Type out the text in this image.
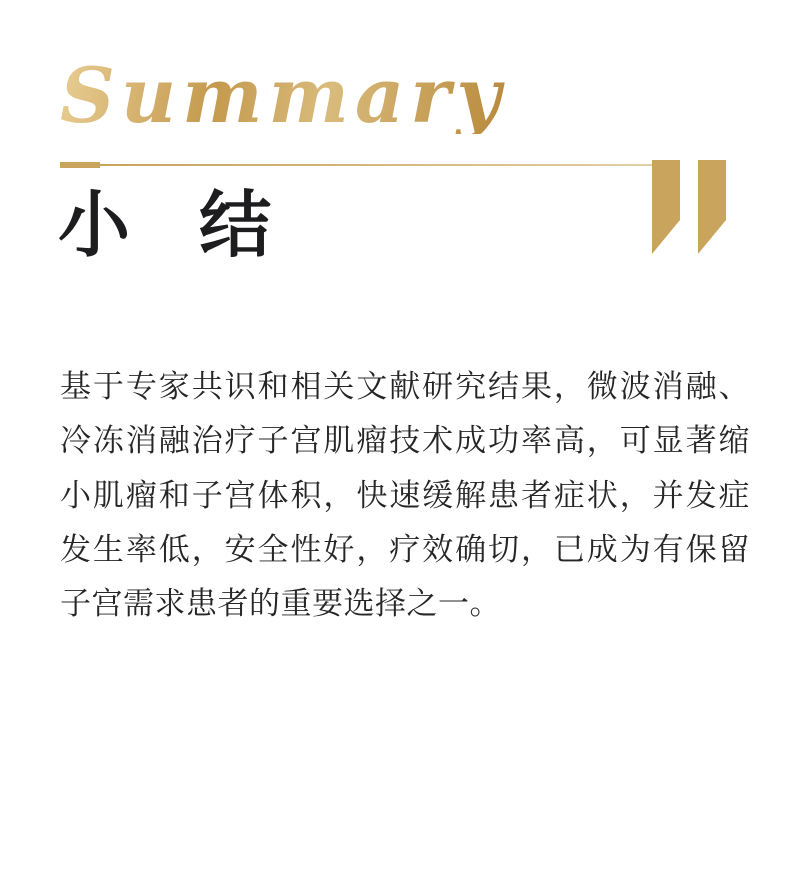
Summary
小 结
基于专家共识和相关文献研究结果，微波消融、冷冻消融治疗子宫肌瘤技术成功率高，可显著缩小肌瘤和子宫体积，快速缓解患者症状，并发症发生率低，安全性好，疗效确切，已成为有保留子宫需求患者的重要选择之一。
